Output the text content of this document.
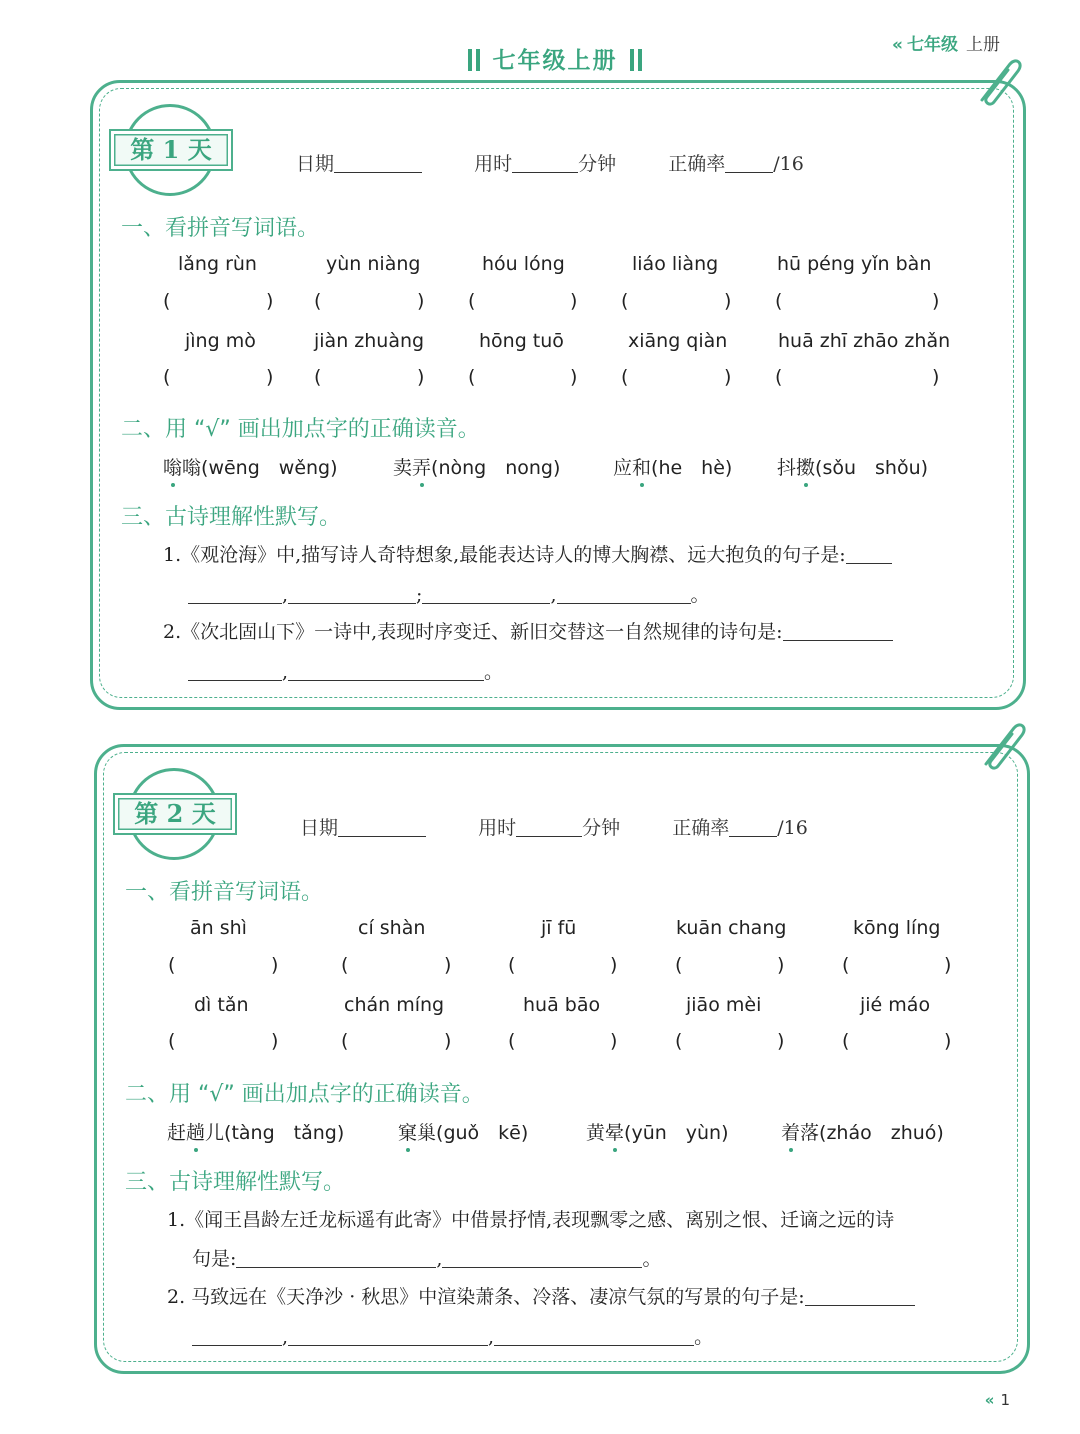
七年级上册
« 七年级 上册
第 1 天	日期	用时	分钟	正确率	/16
一、看拼音写词语。
lǎng rùn	yùn niàng	hóu lóng	liáo liàng	hū péng yǐn bàn
(	) (	) (	) (	) (	)
jìng mò	jiàn zhuàng	hōng tuō	xiāng qiàn	huā zhī zhāo zhǎn
(	) (	) (	) (	) (	)
二、用 “√” 画出加点字的正确读音。
嗡嗡(wēng　wěng)	卖弄(nòng　nong)	应和(he　hè) 抖擞(sǒu　shǒu)
三、古诗理解性默写。
1.《观沧海》中,描写诗人奇特想象,最能表达诗人的博大胸襟、远大抱负的句子是:
,	;	,	。
2.《次北固山下》一诗中,表现时序变迁、新旧交替这一自然规律的诗句是:
,	。
第 2 天	日期	用时	分钟	正确率	/16
一、看拼音写词语。
ān shì	cí shàn	jī fū	kuān chang	kōng líng
(	)	(	)	(	)	(	)	(	)
dì tǎn	chán míng	huā bāo	jiāo mèi	jié máo
(	)	(	)	(	)	(	)	(	)
二、用 “√” 画出加点字的正确读音。
赶趟儿(tàng　tǎng)	窠巢(guǒ　kē)	黄晕(yūn　yùn)	着落(zháo　zhuó)
三、古诗理解性默写。
1.《闻王昌龄左迁龙标遥有此寄》中借景抒情,表现飘零之感、离别之恨、迁谪之远的诗
句是:	,	。
2. 马致远在《天净沙 · 秋思》中渲染萧条、冷落、凄凉气氛的写景的句子是:
,	,	。
« 1
